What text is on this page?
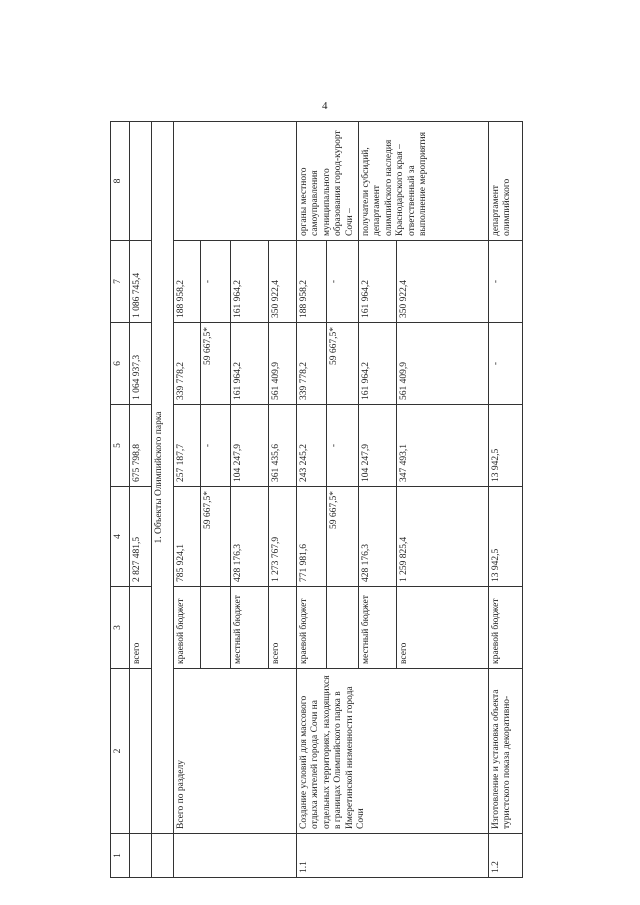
4
1	2	3	4	5	6	7	8
		всего	2 827 481,5	675 798,8	1 064 937,3	1 086 745,4	
	1. Объекты Олимпийского парка						
	Всего по разделу	краевой бюджет	785 924,1	257 187,7	339 778,2	188 958,2	
			59 667,5*	-	59 667,5*	-	
		местный бюджет	428 176,3	104 247,9	161 964,2	161 964,2	
		всего	1 273 767,9	361 435,6	561 409,9	350 922,4	
1.1	Создание условий для массового отдыха жителей города Сочи на отдельных территориях, находящихся в границах Олимпийского парка в Имеретинской низменности города Сочи	краевой бюджет	771 981,6	243 245,2	339 778,2	188 958,2	органы местного самоуправления муниципального образования город-курорт Сочи –
			59 667,5*	-	59 667,5*	-	
		местный бюджет	428 176,3	104 247,9	161 964,2	161 964,2	получатели субсидий, департамент олимпийского наследия Краснодарского края – ответственный за выполнение мероприятия
		всего	1 259 825,4	347 493,1	561 409,9	350 922,4	
1.2	Изготовление и установка объекта туристского показа декоративно-	краевой бюджет	13 942,5	13 942,5	-	-	департамент олимпийского
